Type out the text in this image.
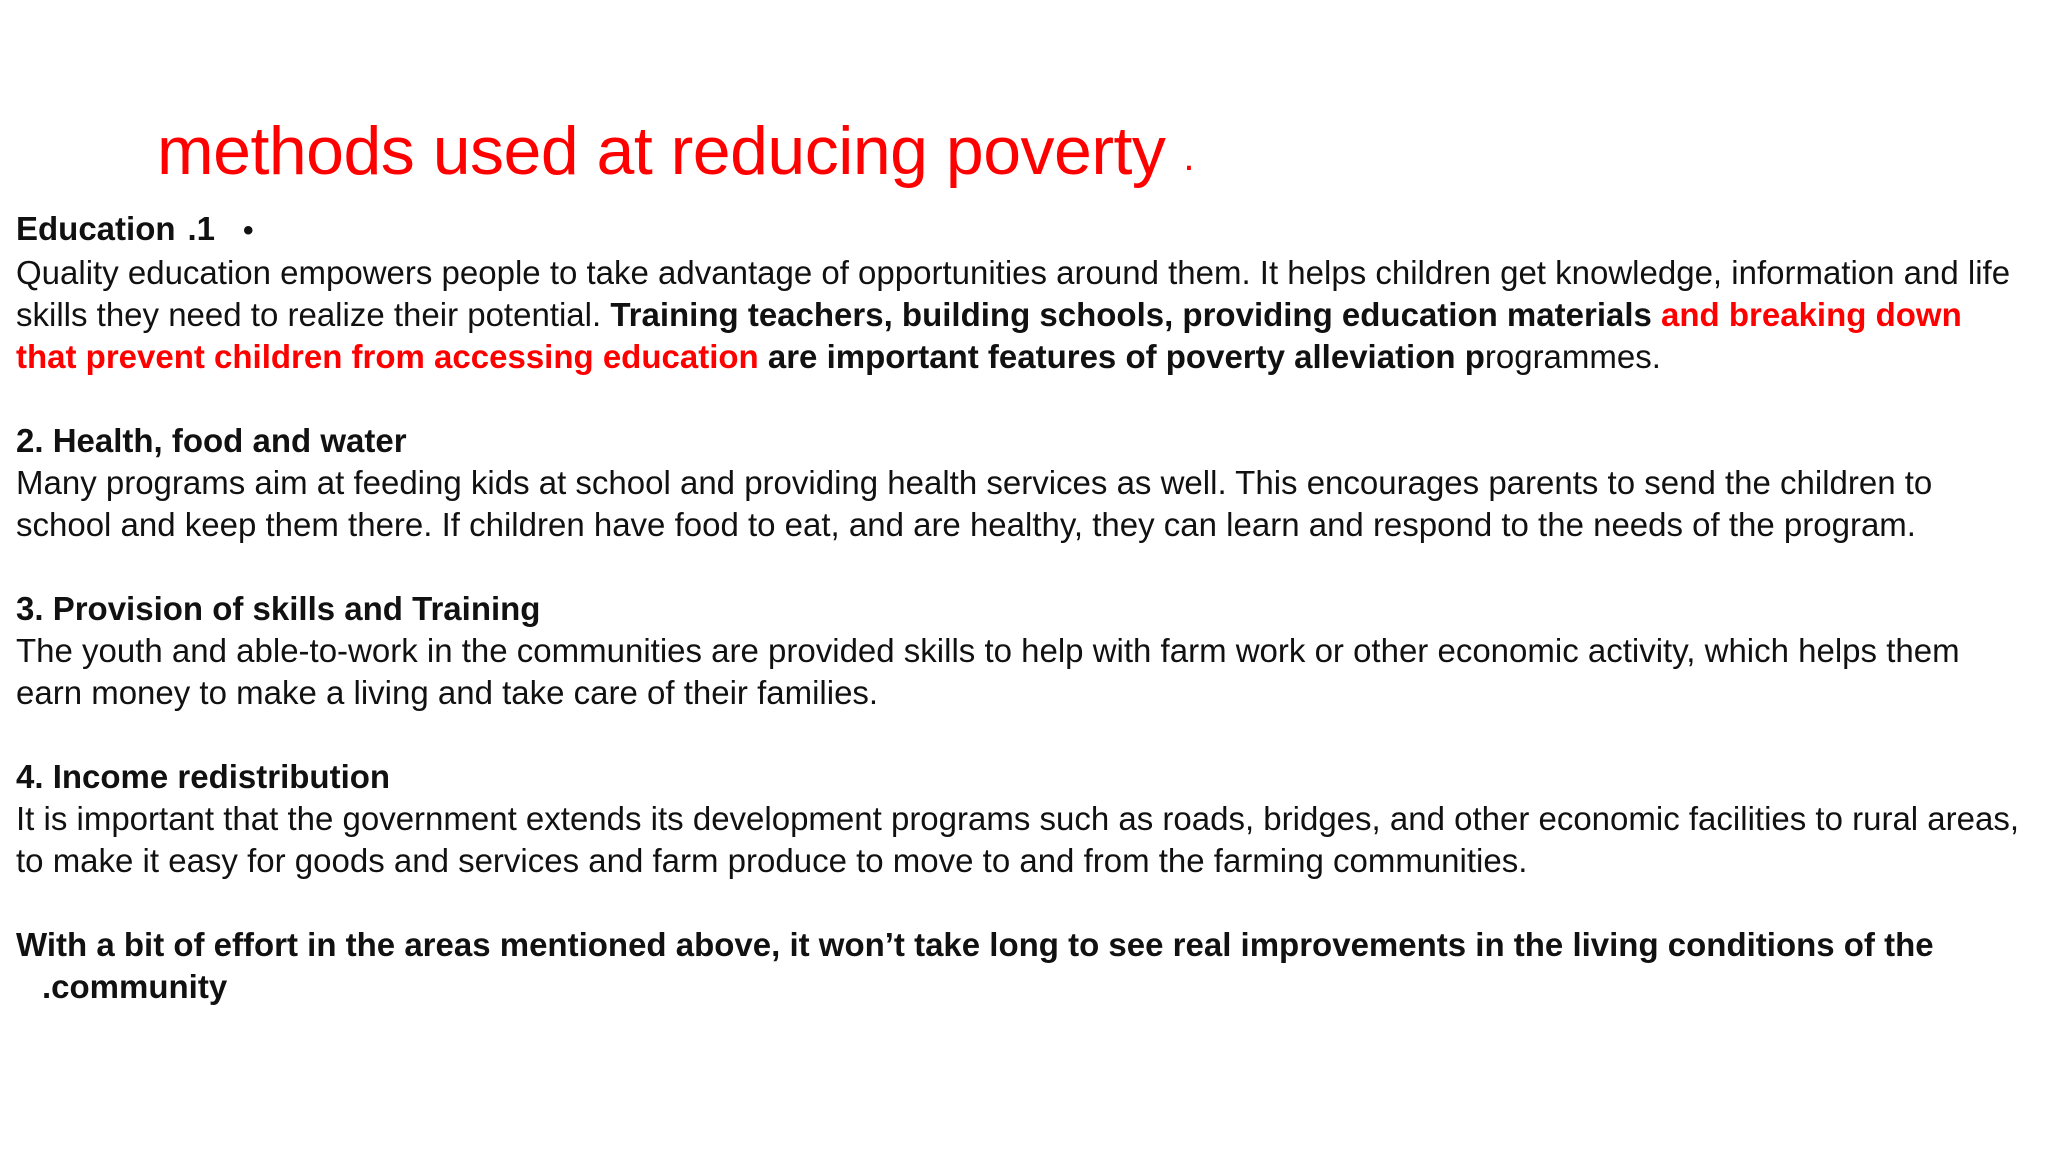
methods used at reducing poverty .

Education .1 •

Quality education empowers people to take advantage of opportunities around them. It helps children get knowledge, information and life skills they need to realize their potential. Training teachers, building schools, providing education materials and breaking down that prevent children from accessing education are important features of poverty alleviation programmes.

2. Health, food and water

Many programs aim at feeding kids at school and providing health services as well. This encourages parents to send the children to school and keep them there. If children have food to eat, and are healthy, they can learn and respond to the needs of the program.

3. Provision of skills and Training

The youth and able-to-work in the communities are provided skills to help with farm work or other economic activity, which helps them earn money to make a living and take care of their families.

4. Income redistribution

It is important that the government extends its development programs such as roads, bridges, and other economic facilities to rural areas, to make it easy for goods and services and farm produce to move to and from the farming communities.

With a bit of effort in the areas mentioned above, it won’t take long to see real improvements in the living conditions of the

.community
